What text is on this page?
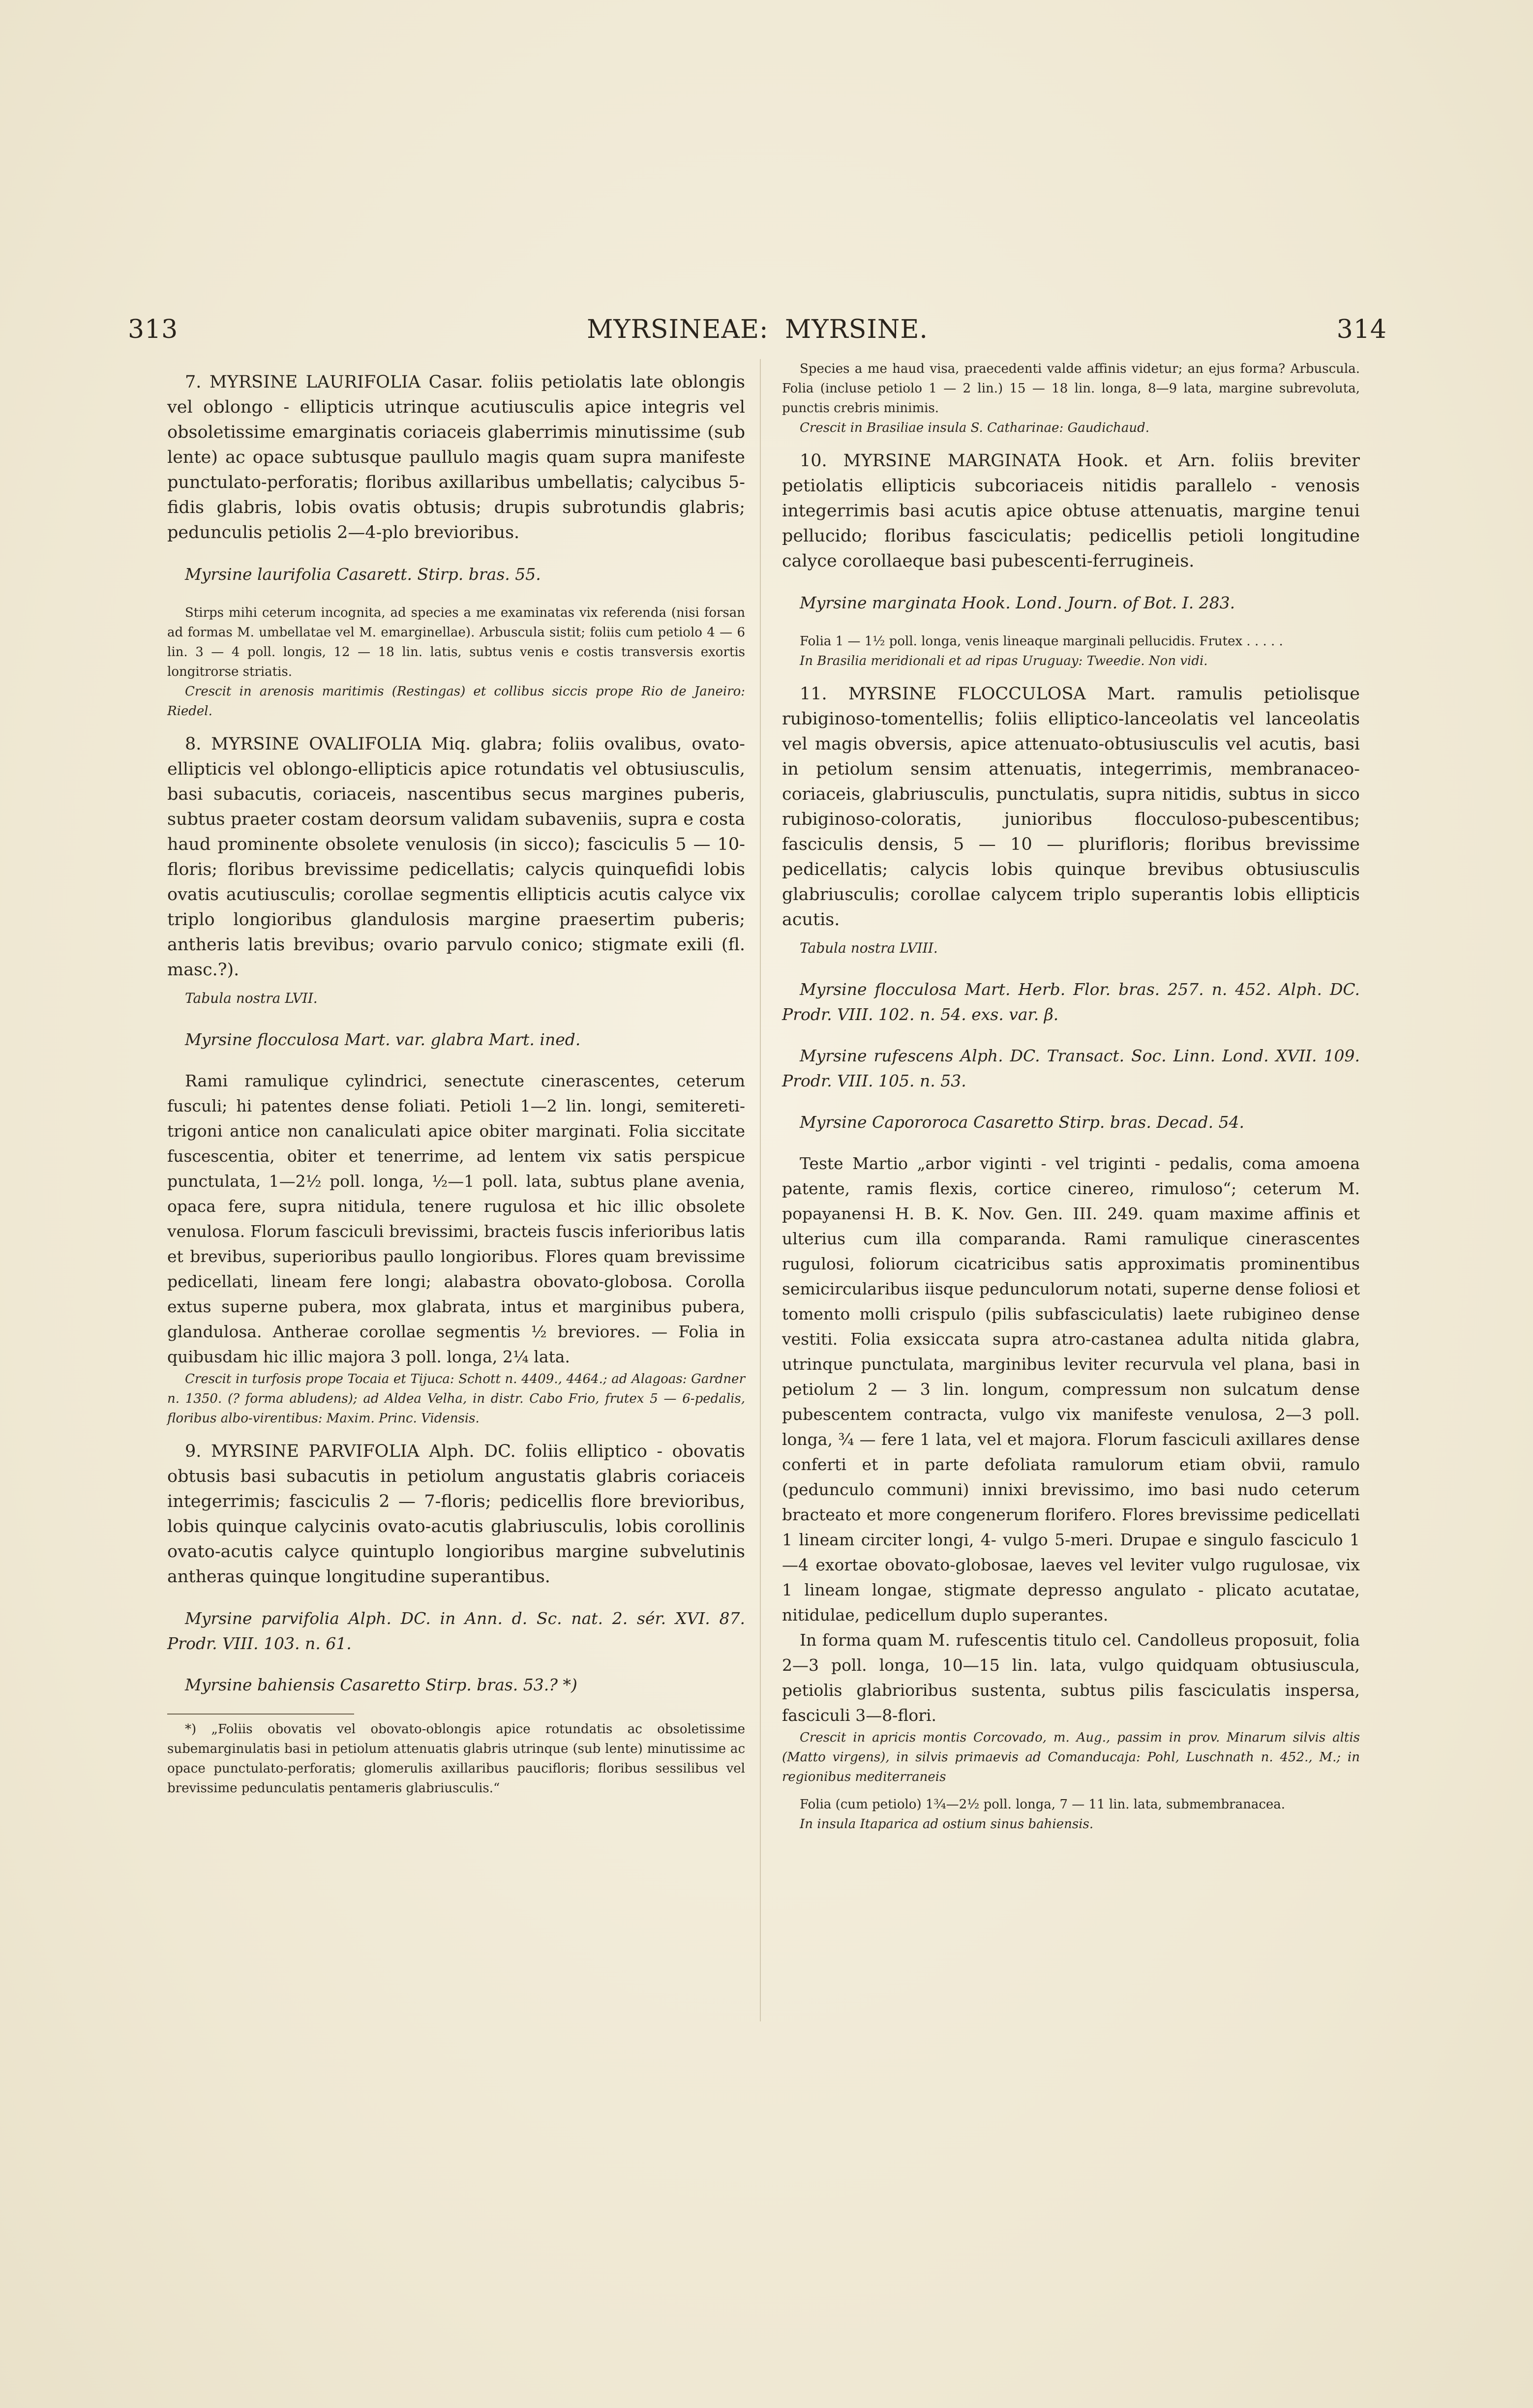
313	MYRSINEAE: MYRSINE.	314

7. MYRSINE LAURIFOLIA Casar. foliis petiolatis late oblongis vel oblongo - ellipticis utrinque acutiusculis apice integris vel obsoletissime emarginatis coriaceis glaberrimis minutissime (sub lente) ac opace subtusque paullulo magis quam supra manifeste punctulato-perforatis; floribus axillaribus umbellatis; calycibus 5-fidis glabris, lobis ovatis obtusis; drupis subrotundis glabris; pedunculis petiolis 2—4-plo brevioribus.

Myrsine laurifolia Casarett. Stirp. bras. 55.

Stirps mihi ceterum incognita, ad species a me examinatas vix referenda (nisi forsan ad formas M. umbellatae vel M. emarginellae). Arbuscula sistit; foliis cum petiolo 4 — 6 lin. 3 — 4 poll. longis, 12 — 18 lin. latis, subtus venis e costis transversis exortis longitrorse striatis.

Crescit in arenosis maritimis (Restingas) et collibus siccis prope Rio de Janeiro: Riedel.

8. MYRSINE OVALIFOLIA Miq. glabra; foliis ovalibus, ovato-ellipticis vel oblongo-ellipticis apice rotundatis vel obtusiusculis, basi subacutis, coriaceis, nascentibus secus margines puberis, subtus praeter costam deorsum validam subaveniis, supra e costa haud prominente obsolete venulosis (in sicco); fasciculis 5 — 10-floris; floribus brevissime pedicellatis; calycis quinquefidi lobis ovatis acutiusculis; corollae segmentis ellipticis acutis calyce vix triplo longioribus glandulosis margine praesertim puberis; antheris latis brevibus; ovario parvulo conico; stigmate exili (fl. masc.?).

Tabula nostra LVII.

Myrsine flocculosa Mart. var. glabra Mart. ined.

Rami ramulique cylindrici, senectute cinerascentes, ceterum fusculi; hi patentes dense foliati. Petioli 1—2 lin. longi, semitereti-trigoni antice non canaliculati apice obiter marginati. Folia siccitate fuscescentia, obiter et tenerrime, ad lentem vix satis perspicue punctulata, 1—2½ poll. longa, ½—1 poll. lata, subtus plane avenia, opaca fere, supra nitidula, tenere rugulosa et hic illic obsolete venulosa. Florum fasciculi brevissimi, bracteis fuscis inferioribus latis et brevibus, superioribus paullo longioribus. Flores quam brevissime pedicellati, lineam fere longi; alabastra obovato-globosa. Corolla extus superne pubera, mox glabrata, intus et marginibus pubera, glandulosa. Antherae corollae segmentis ½ breviores. — Folia in quibusdam hic illic majora 3 poll. longa, 2¼ lata.

Crescit in turfosis prope Tocaia et Tijuca: Schott n. 4409., 4464.; ad Alagoas: Gardner n. 1350. (? forma abludens); ad Aldea Velha, in distr. Cabo Frio, frutex 5 — 6-pedalis, floribus albo-virentibus: Maxim. Princ. Vidensis.

9. MYRSINE PARVIFOLIA Alph. DC. foliis elliptico - obovatis obtusis basi subacutis in petiolum angustatis glabris coriaceis integerrimis; fasciculis 2 — 7-floris; pedicellis flore brevioribus, lobis quinque calycinis ovato-acutis glabriusculis, lobis corollinis ovato-acutis calyce quintuplo longioribus margine subvelutinis antheras quinque longitudine superantibus.

Myrsine parvifolia Alph. DC. in Ann. d. Sc. nat. 2. sér. XVI. 87. Prodr. VIII. 103. n. 61.

Myrsine bahiensis Casaretto Stirp. bras. 53.? *)

*) „Foliis obovatis vel obovato-oblongis apice rotundatis ac obsoletissime subemarginulatis basi in petiolum attenuatis glabris utrinque (sub lente) minutissime ac opace punctulato-perforatis; glomerulis axillaribus paucifloris; floribus sessilibus vel brevissime pedunculatis pentameris glabriusculis.“

Species a me haud visa, praecedenti valde affinis videtur; an ejus forma? Arbuscula. Folia (incluse petiolo 1 — 2 lin.) 15 — 18 lin. longa, 8—9 lata, margine subrevoluta, punctis crebris minimis.

Crescit in Brasiliae insula S. Catharinae: Gaudichaud.

10. MYRSINE MARGINATA Hook. et Arn. foliis breviter petiolatis ellipticis subcoriaceis nitidis parallelo - venosis integerrimis basi acutis apice obtuse attenuatis, margine tenui pellucido; floribus fasciculatis; pedicellis petioli longitudine calyce corollaeque basi pubescenti-ferrugineis.

Myrsine marginata Hook. Lond. Journ. of Bot. I. 283.

Folia 1 — 1½ poll. longa, venis lineaque marginali pellucidis. Frutex . . . . .

In Brasilia meridionali et ad ripas Uruguay: Tweedie. Non vidi.

11. MYRSINE FLOCCULOSA Mart. ramulis petiolisque rubiginoso-tomentellis; foliis elliptico-lanceolatis vel lanceolatis vel magis obversis, apice attenuato-obtusiusculis vel acutis, basi in petiolum sensim attenuatis, integerrimis, membranaceo-coriaceis, glabriusculis, punctulatis, supra nitidis, subtus in sicco rubiginoso-coloratis, junioribus flocculoso-pubescentibus; fasciculis densis, 5 — 10 — plurifloris; floribus brevissime pedicellatis; calycis lobis quinque brevibus obtusiusculis glabriusculis; corollae calycem triplo superantis lobis ellipticis acutis.

Tabula nostra LVIII.

Myrsine flocculosa Mart. Herb. Flor. bras. 257. n. 452. Alph. DC. Prodr. VIII. 102. n. 54. exs. var. β.

Myrsine rufescens Alph. DC. Transact. Soc. Linn. Lond. XVII. 109. Prodr. VIII. 105. n. 53.

Myrsine Capororoca Casaretto Stirp. bras. Decad. 54.

Teste Martio „arbor viginti - vel triginti - pedalis, coma amoena patente, ramis flexis, cortice cinereo, rimuloso“; ceterum M. popayanensi H. B. K. Nov. Gen. III. 249. quam maxime affinis et ulterius cum illa comparanda. Rami ramulique cinerascentes rugulosi, foliorum cicatricibus satis approximatis prominentibus semicircularibus iisque pedunculorum notati, superne dense foliosi et tomento molli crispulo (pilis subfasciculatis) laete rubigineo dense vestiti. Folia exsiccata supra atro-castanea adulta nitida glabra, utrinque punctulata, marginibus leviter recurvula vel plana, basi in petiolum 2 — 3 lin. longum, compressum non sulcatum dense pubescentem contracta, vulgo vix manifeste venulosa, 2—3 poll. longa, ¾ — fere 1 lata, vel et majora. Florum fasciculi axillares dense conferti et in parte defoliata ramulorum etiam obvii, ramulo (pedunculo communi) innixi brevissimo, imo basi nudo ceterum bracteato et more congenerum florifero. Flores brevissime pedicellati 1 lineam circiter longi, 4- vulgo 5-meri. Drupae e singulo fasciculo 1—4 exortae obovato-globosae, laeves vel leviter vulgo rugulosae, vix 1 lineam longae, stigmate depresso angulato - plicato acutatae, nitidulae, pedicellum duplo superantes.

In forma quam M. rufescentis titulo cel. Candolleus proposuit, folia 2—3 poll. longa, 10—15 lin. lata, vulgo quidquam obtusiuscula, petiolis glabrioribus sustenta, subtus pilis fasciculatis inspersa, fasciculi 3—8-flori.

Crescit in apricis montis Corcovado, m. Aug., passim in prov. Minarum silvis altis (Matto virgens), in silvis primaevis ad Comanducaja: Pohl, Luschnath n. 452., M.; in regionibus mediterraneis

Folia (cum petiolo) 1¾—2½ poll. longa, 7 — 11 lin. lata, submembranacea.

In insula Itaparica ad ostium sinus bahiensis.
